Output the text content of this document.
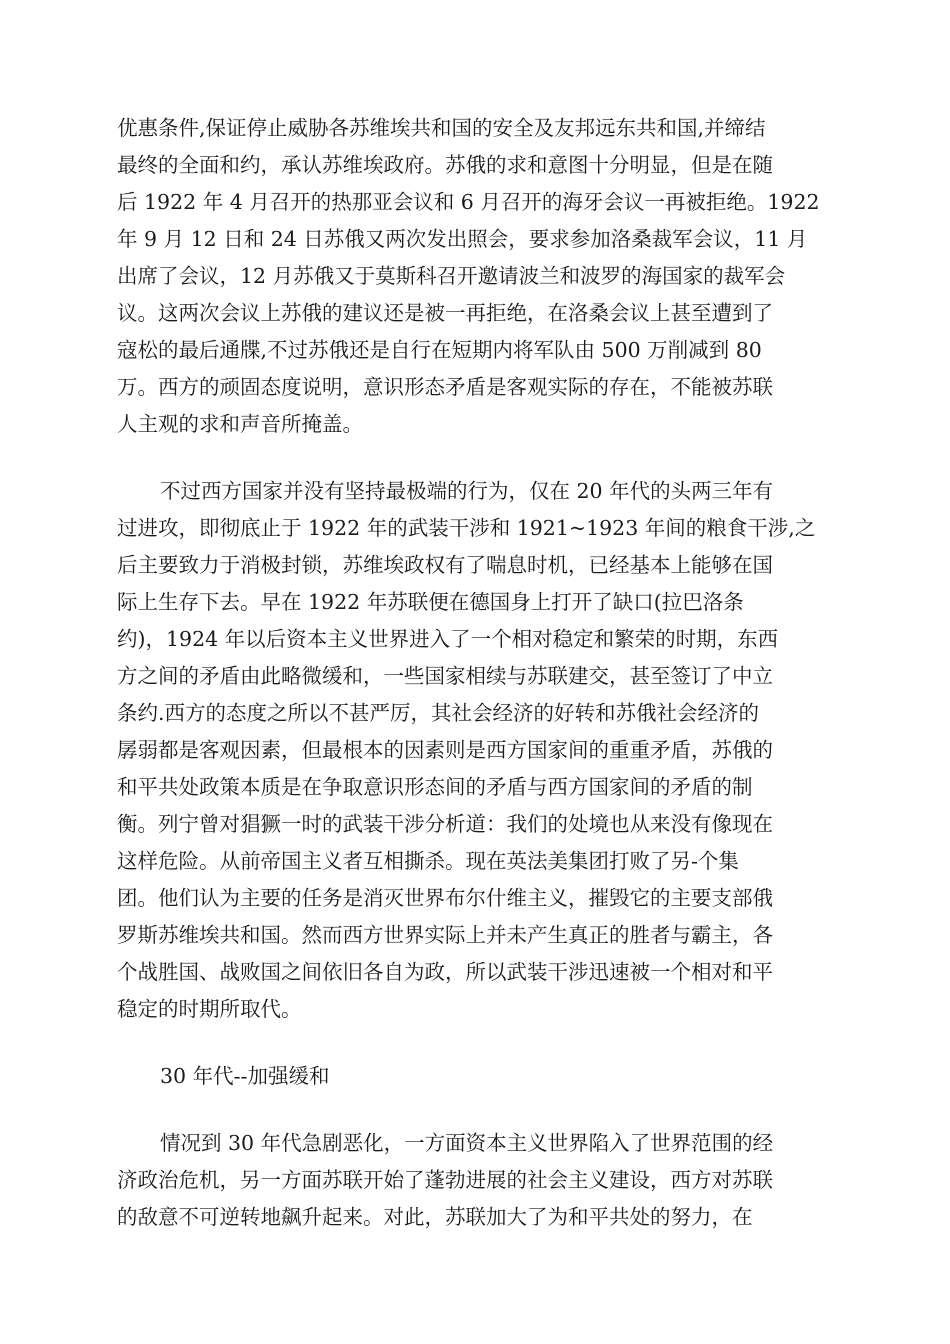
优惠条件,保证停止威胁各苏维埃共和国的安全及友邦远东共和国,并缔结
最终的全面和约，承认苏维埃政府。苏俄的求和意图十分明显，但是在随
后 1922 年 4 月召开的热那亚会议和 6 月召开的海牙会议一再被拒绝。1922
年 9 月 12 日和 24 日苏俄又两次发出照会，要求参加洛桑裁军会议，11 月
出席了会议，12 月苏俄又于莫斯科召开邀请波兰和波罗的海国家的裁军会
议。这两次会议上苏俄的建议还是被一再拒绝，在洛桑会议上甚至遭到了
寇松的最后通牒,不过苏俄还是自行在短期内将军队由 500 万削减到 80
万。西方的顽固态度说明，意识形态矛盾是客观实际的存在，不能被苏联
人主观的求和声音所掩盖。
不过西方国家并没有坚持最极端的行为，仅在 20 年代的头两三年有
过进攻，即彻底止于 1922 年的武装干涉和 1921~1923 年间的粮食干涉,之
后主要致力于消极封锁，苏维埃政权有了喘息时机，已经基本上能够在国
际上生存下去。早在 1922 年苏联便在德国身上打开了缺口(拉巴洛条
约)，1924 年以后资本主义世界进入了一个相对稳定和繁荣的时期，东西
方之间的矛盾由此略微缓和，一些国家相续与苏联建交，甚至签订了中立
条约.西方的态度之所以不甚严厉，其社会经济的好转和苏俄社会经济的
孱弱都是客观因素，但最根本的因素则是西方国家间的重重矛盾，苏俄的
和平共处政策本质是在争取意识形态间的矛盾与西方国家间的矛盾的制
衡。列宁曾对猖獗一时的武装干涉分析道：我们的处境也从来没有像现在
这样危险。从前帝国主义者互相撕杀。现在英法美集团打败了另-个集
团。他们认为主要的任务是消灭世界布尔什维主义，摧毁它的主要支部俄
罗斯苏维埃共和国。然而西方世界实际上并未产生真正的胜者与霸主，各
个战胜国、战败国之间依旧各自为政，所以武装干涉迅速被一个相对和平
稳定的时期所取代。
30 年代--加强缓和
情况到 30 年代急剧恶化，一方面资本主义世界陷入了世界范围的经
济政治危机，另一方面苏联开始了蓬勃进展的社会主义建设，西方对苏联
的敌意不可逆转地飙升起来。对此，苏联加大了为和平共处的努力，在
